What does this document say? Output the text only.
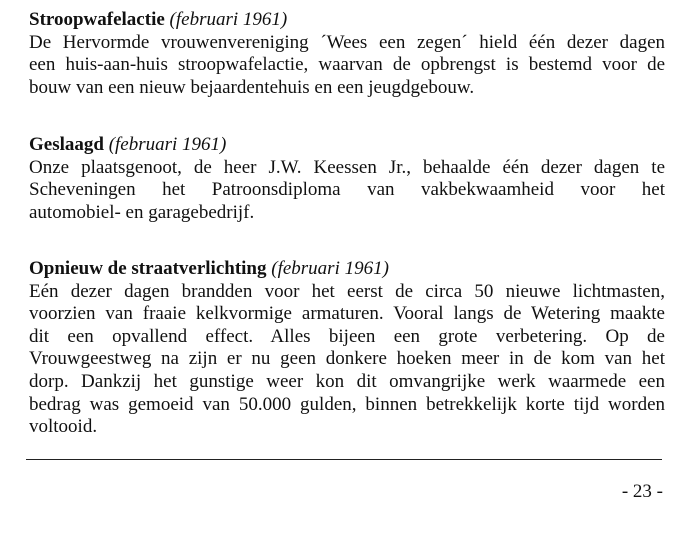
Stroopwafelactie (februari 1961)
De Hervormde vrouwenvereniging ´Wees een zegen´ hield één dezer dagen
een huis-aan-huis stroopwafelactie, waarvan de opbrengst is bestemd voor de
bouw van een nieuw bejaardentehuis en een jeugdgebouw.
Geslaagd (februari 1961)
Onze plaatsgenoot, de heer J.W. Keessen Jr., behaalde één dezer dagen te
Scheveningen het Patroonsdiploma van vakbekwaamheid voor het
automobiel- en garagebedrijf.
Opnieuw de straatverlichting (februari 1961)
Eén dezer dagen brandden voor het eerst de circa 50 nieuwe lichtmasten,
voorzien van fraaie kelkvormige armaturen. Vooral langs de Wetering maakte
dit een opvallend effect. Alles bijeen een grote verbetering. Op de
Vrouwgeestweg na zijn er nu geen donkere hoeken meer in de kom van het
dorp. Dankzij het gunstige weer kon dit omvangrijke werk waarmede een
bedrag was gemoeid van 50.000 gulden, binnen betrekkelijk korte tijd worden
voltooid.
- 23 -
